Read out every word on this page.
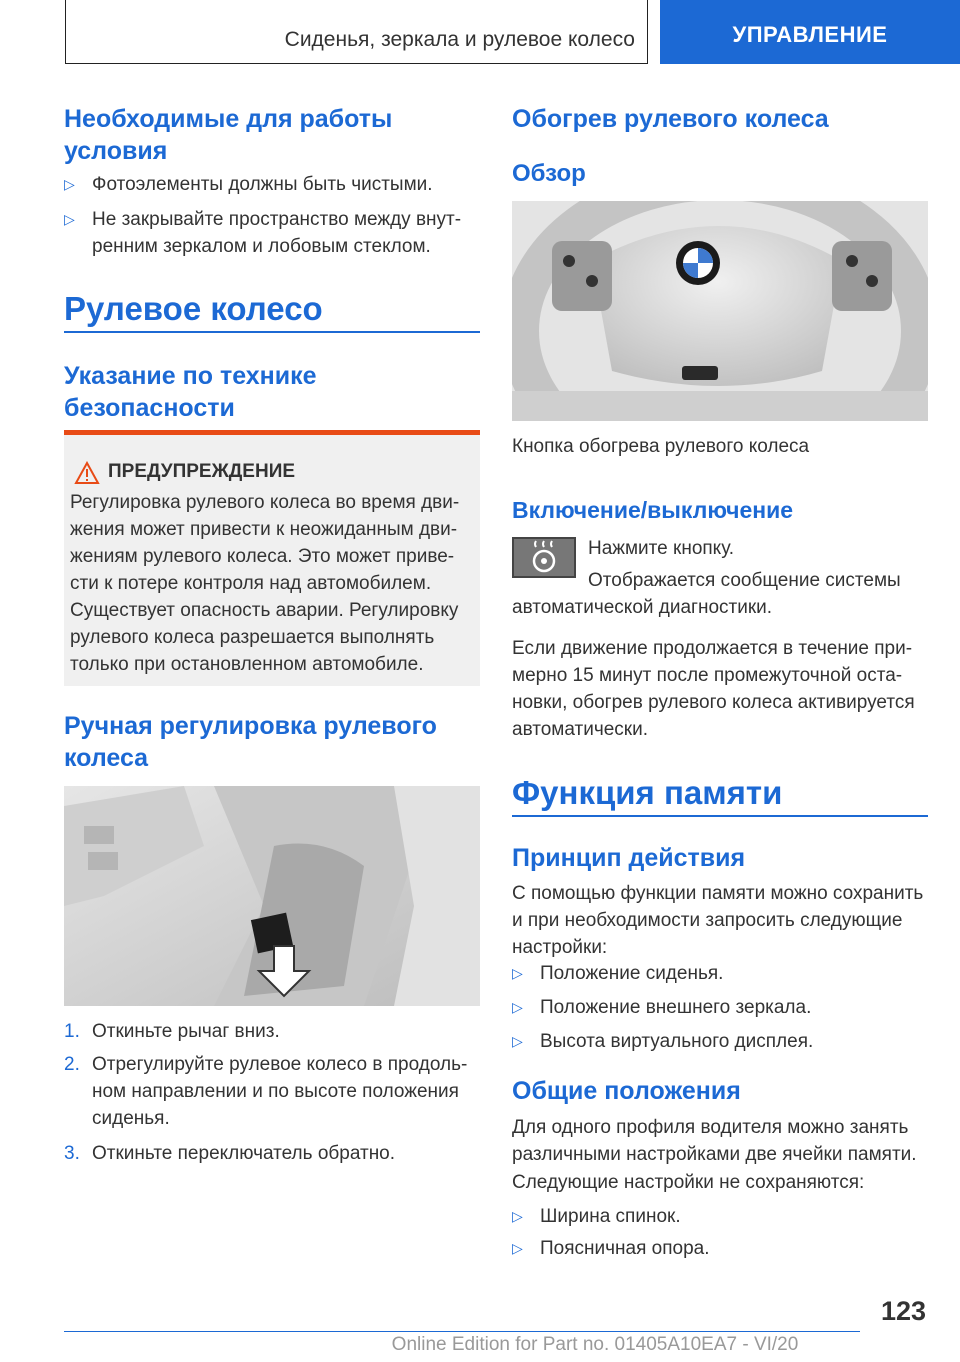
Сиденья, зеркала и рулевое колесо	УПРАВЛЕНИЕ
Необходимые для работы условия
▷ Фотоэлементы должны быть чистыми.
▷ Не закрывайте пространство между внут‐ренним зеркалом и лобовым стеклом.
Рулевое колесо
Указание по технике безопасности
ПРЕДУПРЕЖДЕНИЕ
Регулировка рулевого колеса во время дви‐жения может привести к неожиданным дви‐жениям рулевого колеса. Это может приве‐сти к потере контроля над автомобилем. Существует опасность аварии. Регулировку рулевого колеса разрешается выполнять только при остановленном автомобиле.
Ручная регулировка рулевого колеса
1. Откиньте рычаг вниз.
2. Отрегулируйте рулевое колесо в продоль‐ном направлении и по высоте положения сиденья.
3. Откиньте переключатель обратно.
Обогрев рулевого колеса
Обзор
Кнопка обогрева рулевого колеса
Включение/выключение
Нажмите кнопку.
Отображается сообщение системы автоматической диагностики.
Если движение продолжается в течение при‐мерно 15 минут после промежуточной оста‐новки, обогрев рулевого колеса активируется автоматически.
Функция памяти
Принцип действия
С помощью функции памяти можно сохранить и при необходимости запросить следующие настройки:
▷ Положение сиденья.
▷ Положение внешнего зеркала.
▷ Высота виртуального дисплея.
Общие положения
Для одного профиля водителя можно занять различными настройками две ячейки памяти.
Следующие настройки не сохраняются:
▷ Ширина спинок.
▷ Поясничная опора.
123
Online Edition for Part no. 01405A10EA7 - VI/20
